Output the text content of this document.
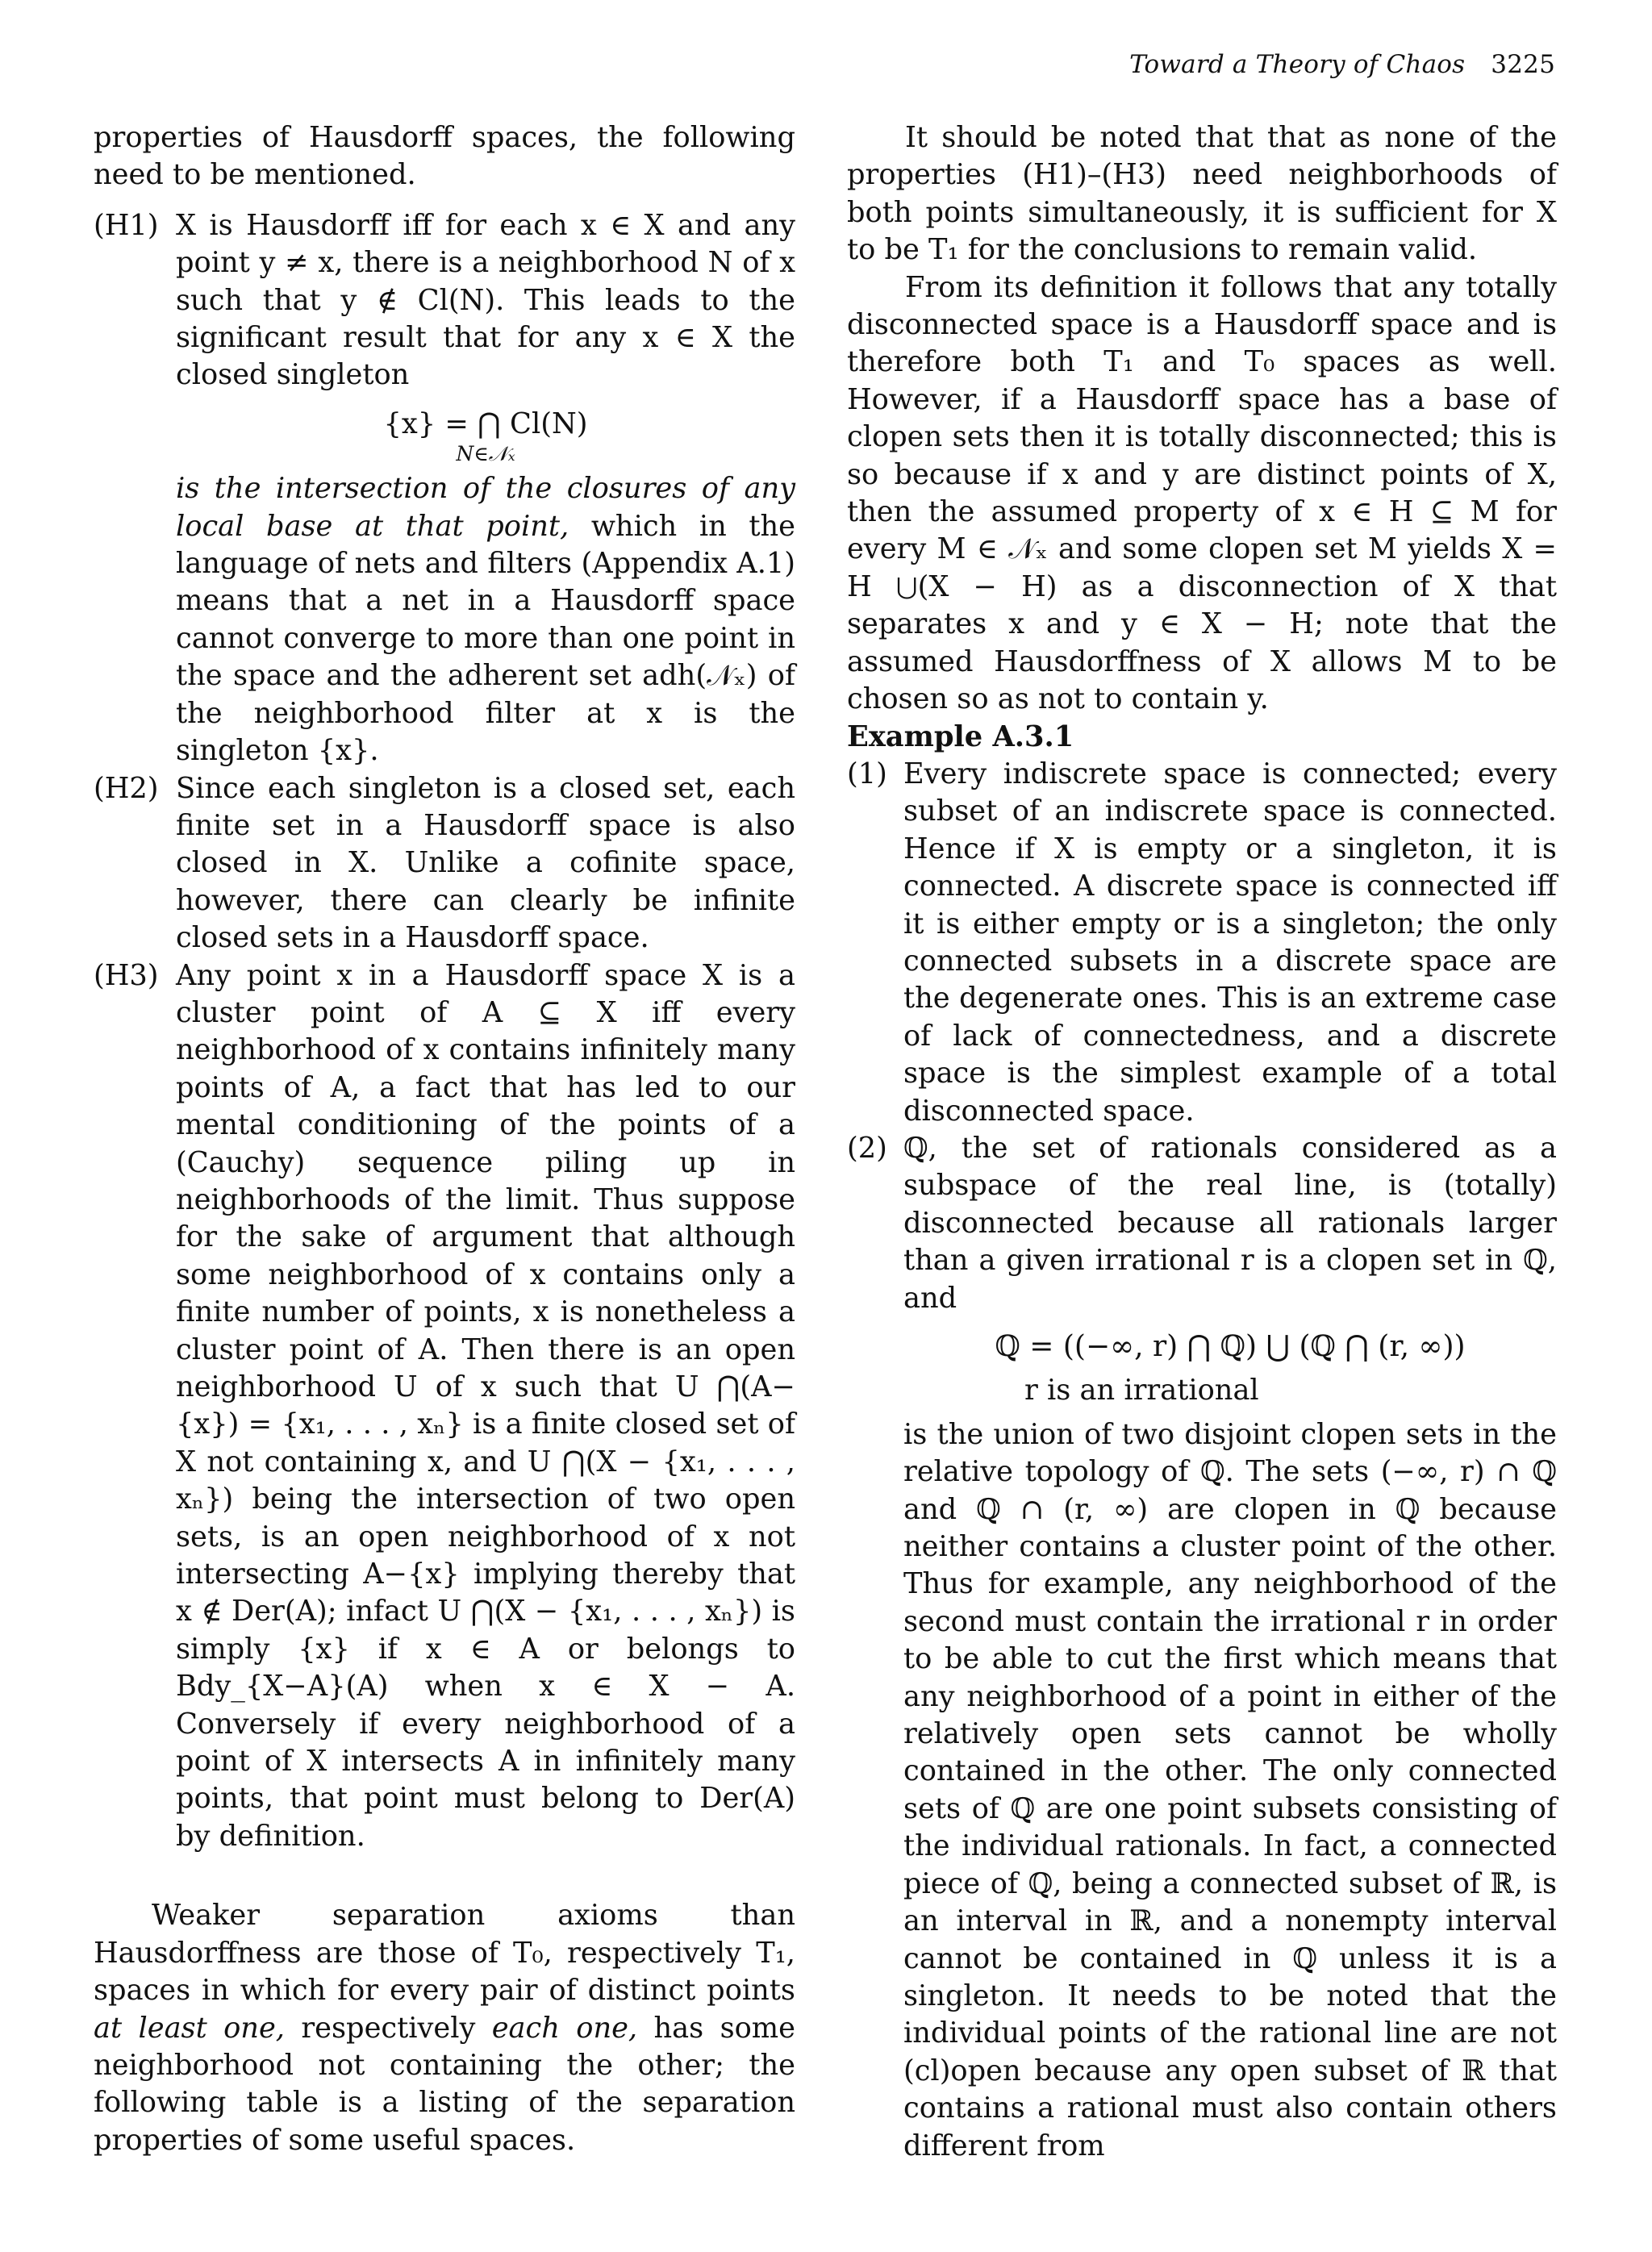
Toward a Theory of Chaos 3225

properties of Hausdorff spaces, the following need to be mentioned.

(H1) X is Hausdorff iff for each x ∈ X and any point y ≠ x, there is a neighborhood N of x such that y ∉ Cl(N). This leads to the significant result that for any x ∈ X the closed singleton

{x} = ⋂ Cl(N)
N∈𝒩ₓ

is the intersection of the closures of any local base at that point, which in the language of nets and filters (Appendix A.1) means that a net in a Hausdorff space cannot converge to more than one point in the space and the adherent set adh(𝒩ₓ) of the neighborhood filter at x is the singleton {x}.

(H2) Since each singleton is a closed set, each finite set in a Hausdorff space is also closed in X. Unlike a cofinite space, however, there can clearly be infinite closed sets in a Hausdorff space.

(H3) Any point x in a Hausdorff space X is a cluster point of A ⊆ X iff every neighborhood of x contains infinitely many points of A, a fact that has led to our mental conditioning of the points of a (Cauchy) sequence piling up in neighborhoods of the limit. Thus suppose for the sake of argument that although some neighborhood of x contains only a finite number of points, x is nonetheless a cluster point of A. Then there is an open neighborhood U of x such that U ⋂(A−{x}) = {x₁, . . . , xₙ} is a finite closed set of X not containing x, and U ⋂(X − {x₁, . . . , xₙ}) being the intersection of two open sets, is an open neighborhood of x not intersecting A−{x} implying thereby that x ∉ Der(A); infact U ⋂(X − {x₁, . . . , xₙ}) is simply {x} if x ∈ A or belongs to Bdy_{X−A}(A) when x ∈ X − A. Conversely if every neighborhood of a point of X intersects A in infinitely many points, that point must belong to Der(A) by definition.

Weaker separation axioms than Hausdorffness are those of T₀, respectively T₁, spaces in which for every pair of distinct points at least one, respectively each one, has some neighborhood not containing the other; the following table is a listing of the separation properties of some useful spaces.

It should be noted that that as none of the properties (H1)–(H3) need neighborhoods of both points simultaneously, it is sufficient for X to be T₁ for the conclusions to remain valid.

From its definition it follows that any totally disconnected space is a Hausdorff space and is therefore both T₁ and T₀ spaces as well. However, if a Hausdorff space has a base of clopen sets then it is totally disconnected; this is so because if x and y are distinct points of X, then the assumed property of x ∈ H ⊆ M for every M ∈ 𝒩ₓ and some clopen set M yields X = H ⋃(X − H) as a disconnection of X that separates x and y ∈ X − H; note that the assumed Hausdorffness of X allows M to be chosen so as not to contain y.

Example A.3.1

(1) Every indiscrete space is connected; every subset of an indiscrete space is connected. Hence if X is empty or a singleton, it is connected. A discrete space is connected iff it is either empty or is a singleton; the only connected subsets in a discrete space are the degenerate ones. This is an extreme case of lack of connectedness, and a discrete space is the simplest example of a total disconnected space.

(2) ℚ, the set of rationals considered as a subspace of the real line, is (totally) disconnected because all rationals larger than a given irrational r is a clopen set in ℚ, and

ℚ = ((−∞, r) ⋂ ℚ) ⋃ (ℚ ⋂ (r, ∞))
r is an irrational

is the union of two disjoint clopen sets in the relative topology of ℚ. The sets (−∞, r) ∩ ℚ and ℚ ∩ (r, ∞) are clopen in ℚ because neither contains a cluster point of the other. Thus for example, any neighborhood of the second must contain the irrational r in order to be able to cut the first which means that any neighborhood of a point in either of the relatively open sets cannot be wholly contained in the other. The only connected sets of ℚ are one point subsets consisting of the individual rationals. In fact, a connected piece of ℚ, being a connected subset of ℝ, is an interval in ℝ, and a nonempty interval cannot be contained in ℚ unless it is a singleton. It needs to be noted that the individual points of the rational line are not (cl)open because any open subset of ℝ that contains a rational must also contain others different from
